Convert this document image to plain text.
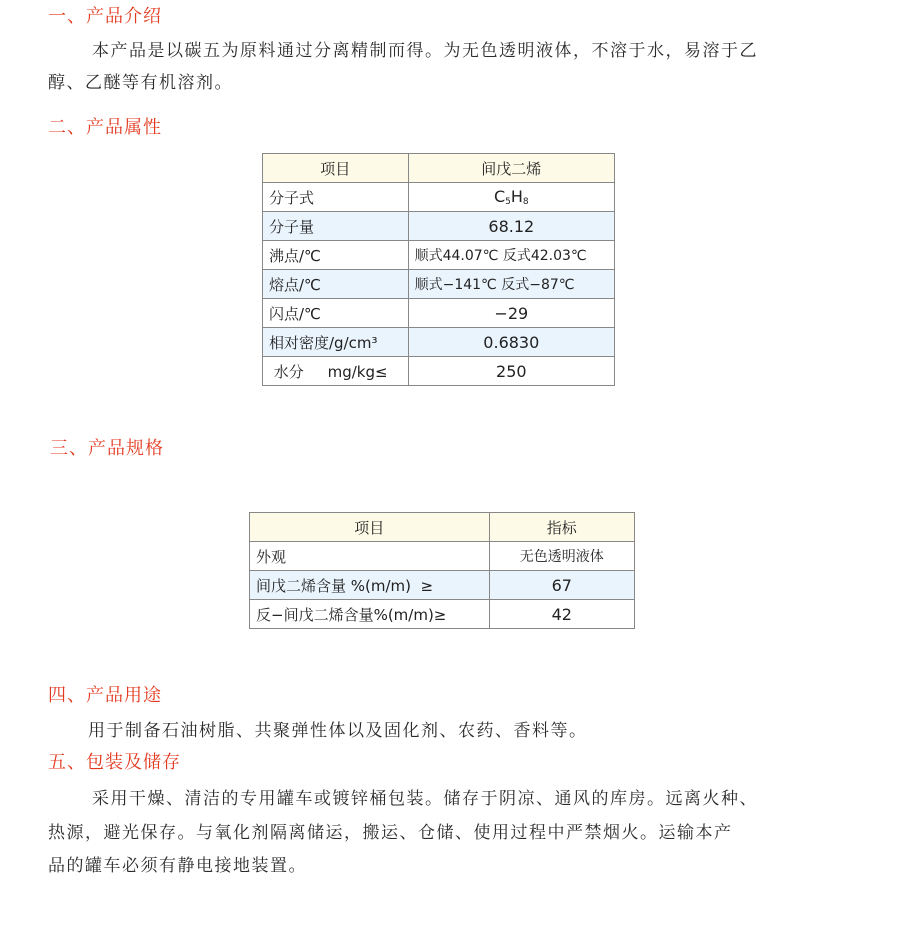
一、产品介绍

本产品是以碳五为原料通过分离精制而得。为无色透明液体，不溶于水，易溶于乙

醇、乙醚等有机溶剂。

二、产品属性
项目	间戊二烯
分子式	$C_5H_8$
分子量	68.12
沸点/℃	顺式44.07℃ 反式42.03℃
熔点/℃	顺式−141℃ 反式−87℃
闪点/℃	−29
相对密度/g/cm³	0.6830
水分     mg/kg≤	250
三、产品规格
项目	指标
外观	无色透明液体
间戊二烯含量 %(m/m)  ≥	67
反−间戊二烯含量%(m/m)≥	42
四、产品用途

用于制备石油树脂、共聚弹性体以及固化剂、农药、香料等。

五、包装及储存

采用干燥、清洁的专用罐车或镀锌桶包装。储存于阴凉、通风的库房。远离火种、

热源，避光保存。与氧化剂隔离储运，搬运、仓储、使用过程中严禁烟火。运输本产

品的罐车必须有静电接地装置。
